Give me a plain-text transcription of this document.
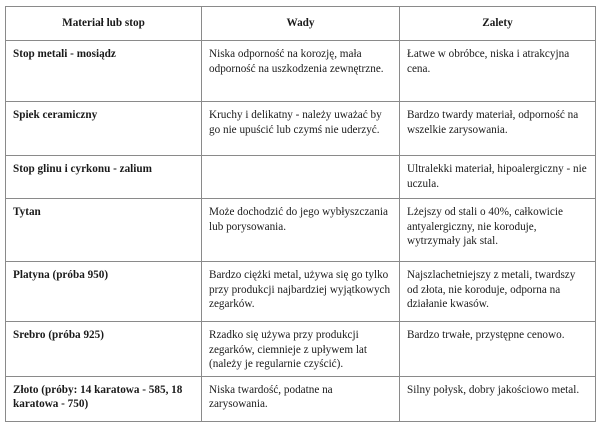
Materiał lub stop	Wady	Zalety
Stop metali - mosiądz	Niska odporność na korozję, mała odporność na uszkodzenia zewnętrzne.	Łatwe w obróbce, niska i atrakcyjna cena.
Spiek ceramiczny	Kruchy i delikatny - należy uważać by go nie upuścić lub czymś nie uderzyć.	Bardzo twardy materiał, odporność na wszelkie zarysowania.
Stop glinu i cyrkonu - zalium		Ultralekki materiał, hipoalergiczny - nie uczula.
Tytan	Może dochodzić do jego wybłyszczania lub porysowania.	Lżejszy od stali o 40%, całkowicie antyalergiczny, nie koroduje, wytrzymały jak stal.
Platyna (próba 950)	Bardzo ciężki metal, używa się go tylko przy produkcji najbardziej wyjątkowych zegarków.	Najszlachetniejszy z metali, twardszy od złota, nie koroduje, odporna na działanie kwasów.
Srebro (próba 925)	Rzadko się używa przy produkcji zegarków, ciemnieje z upływem lat (należy je regularnie czyścić).	Bardzo trwałe, przystępne cenowo.
Złoto (próby: 14 karatowa - 585, 18 karatowa - 750)	Niska twardość, podatne na zarysowania.	Silny połysk, dobry jakościowo metal.
